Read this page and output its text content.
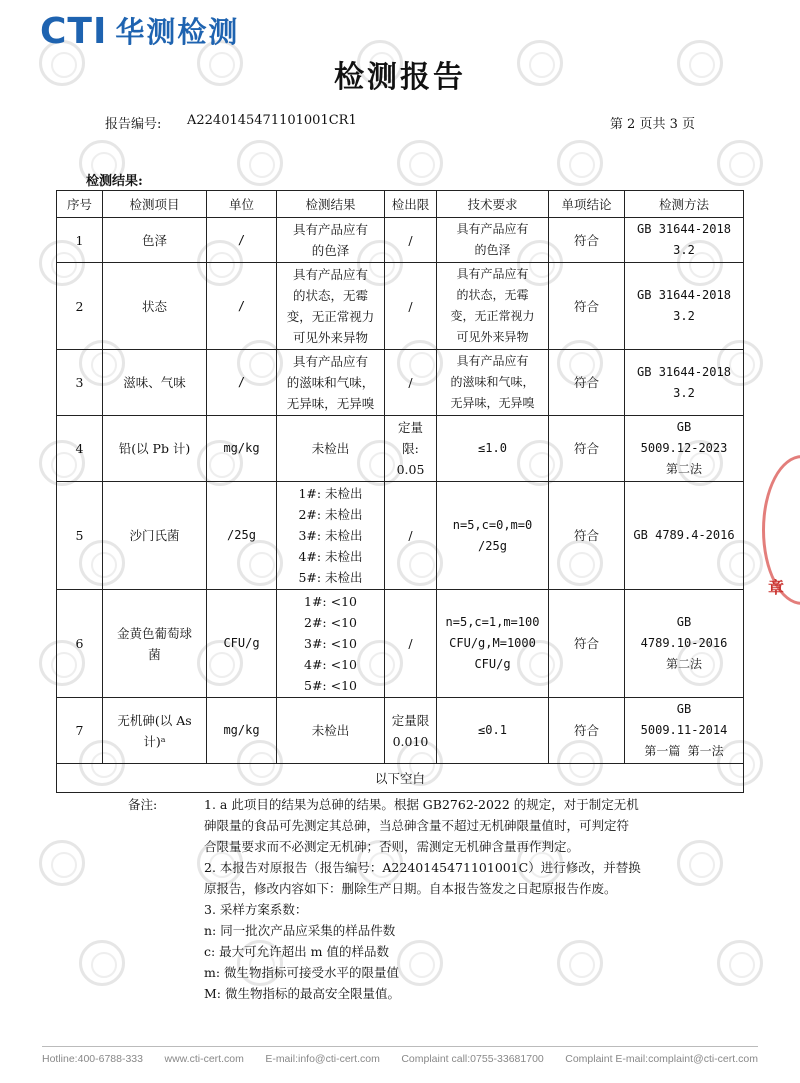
CTI 华测检测
检测报告
报告编号:	A2240145471101001CR1	第 2 页共 3 页
检测结果:
序号	检测项目	单位	检测结果	检出限	技术要求	单项结论	检测方法
1	色泽	/	具有产品应有
的色泽	/	具有产品应有
的色泽	符合	GB 31644-2018
3.2

2	状态	/	具有产品应有
的状态，无霉
变，无正常视力
可见外来异物	/	具有产品应有
的状态，无霉
变，无正常视力
可见外来异物	符合	GB 31644-2018
3.2

3	滋味、气味	/	具有产品应有
的滋味和气味，
无异味，无异嗅	/	具有产品应有
的滋味和气味，
无异味，无异嗅	符合	GB 31644-2018
3.2

4	铅(以 Pb 计)	mg/kg	未检出	定量
限:
0.05	≤1.0	符合	GB
5009.12-2023
第二法

5	沙门氏菌	/25g	1#: 未检出
2#: 未检出
3#: 未检出
4#: 未检出
5#: 未检出	/	n=5,c=0,m=0
/25g	符合	GB 4789.4-2016

6	金黄色葡萄球
菌	CFU/g	1#: <10
2#: <10
3#: <10
4#: <10
5#: <10	/	n=5,c=1,m=100
CFU/g,M=1000
CFU/g	符合	GB
4789.10-2016
第二法

7	无机砷(以 As
计)ᵃ	mg/kg	未检出	定量限
0.010	≤0.1	符合	GB
5009.11-2014
第一篇 第一法

以下空白							
备注:	1. a 此项目的结果为总砷的结果。根据 GB2762-2022 的规定，对于制定无机
砷限量的食品可先测定其总砷，当总砷含量不超过无机砷限量值时，可判定符
合限量要求而不必测定无机砷；否则，需测定无机砷含量再作判定。
2. 本报告对原报告（报告编号：A2240145471101001C）进行修改，并替换
原报告，修改内容如下：删除生产日期。自本报告签发之日起原报告作废。
3. 采样方案系数：
n: 同一批次产品应采集的样品件数
c: 最大可允许超出 m 值的样品数
m: 微生物指标可接受水平的限量值
M: 微生物指标的最高安全限量值。
章
Hotline:400-6788-333 www.cti-cert.com E-mail:info@cti-cert.com Complaint call:0755-33681700 Complaint E-mail:complaint@cti-cert.com
